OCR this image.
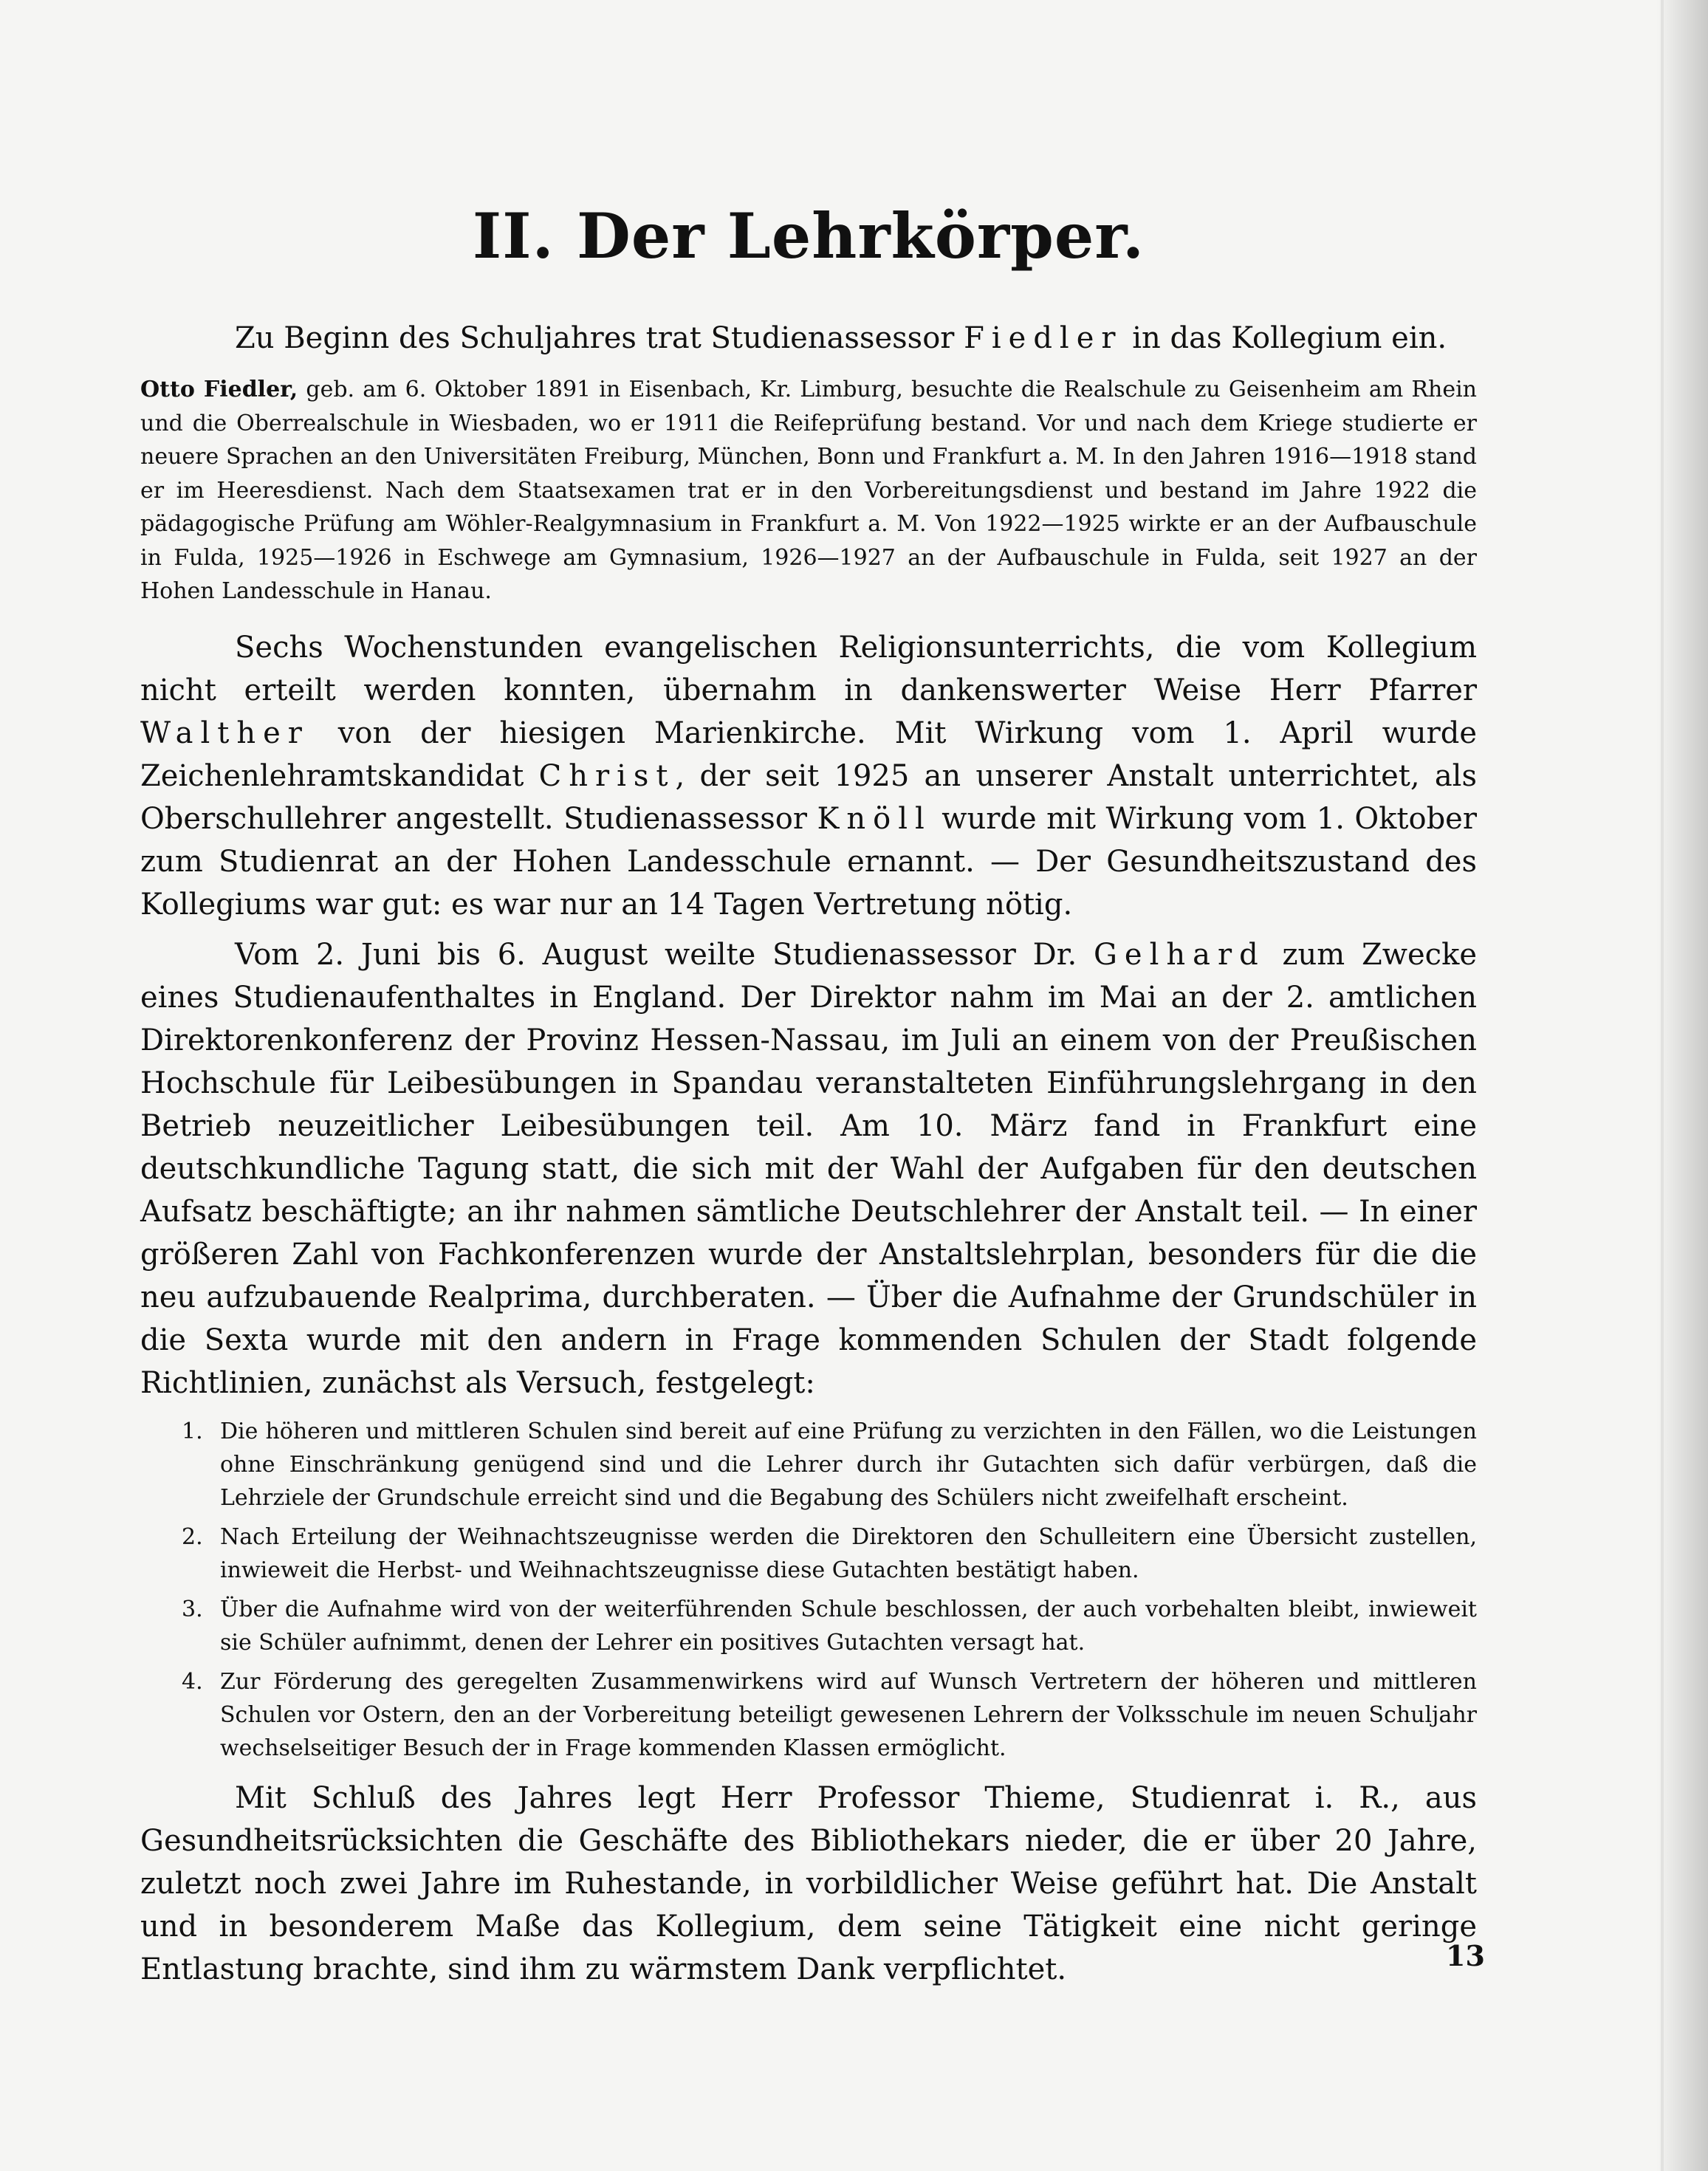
II. Der Lehrkörper.

Zu Beginn des Schuljahres trat Studienassessor Fiedler in das Kollegium ein.

Otto Fiedler, geb. am 6. Oktober 1891 in Eisenbach, Kr. Limburg, besuchte die Realschule zu Geisenheim am Rhein und die Oberrealschule in Wiesbaden, wo er 1911 die Reifeprüfung bestand. Vor und nach dem Kriege studierte er neuere Sprachen an den Universitäten Freiburg, München, Bonn und Frankfurt a. M. In den Jahren 1916—1918 stand er im Heeresdienst. Nach dem Staatsexamen trat er in den Vorbereitungsdienst und bestand im Jahre 1922 die pädagogische Prüfung am Wöhler-Realgymnasium in Frankfurt a. M. Von 1922—1925 wirkte er an der Aufbauschule in Fulda, 1925—1926 in Eschwege am Gymnasium, 1926—1927 an der Aufbauschule in Fulda, seit 1927 an der Hohen Landesschule in Hanau.

Sechs Wochenstunden evangelischen Religionsunterrichts, die vom Kollegium nicht erteilt werden konnten, übernahm in dankenswerter Weise Herr Pfarrer Walther von der hiesigen Marienkirche. Mit Wirkung vom 1. April wurde Zeichenlehramtskandidat Christ, der seit 1925 an unserer Anstalt unterrichtet, als Oberschullehrer angestellt. Studienassessor Knöll wurde mit Wirkung vom 1. Oktober zum Studienrat an der Hohen Landesschule ernannt. — Der Gesundheitszustand des Kollegiums war gut: es war nur an 14 Tagen Vertretung nötig.

Vom 2. Juni bis 6. August weilte Studienassessor Dr. Gelhard zum Zwecke eines Studienaufenthaltes in England. Der Direktor nahm im Mai an der 2. amtlichen Direktorenkonferenz der Provinz Hessen-Nassau, im Juli an einem von der Preußischen Hochschule für Leibesübungen in Spandau veranstalteten Einführungslehrgang in den Betrieb neuzeitlicher Leibesübungen teil. Am 10. März fand in Frankfurt eine deutschkundliche Tagung statt, die sich mit der Wahl der Aufgaben für den deutschen Aufsatz beschäftigte; an ihr nahmen sämtliche Deutschlehrer der Anstalt teil. — In einer größeren Zahl von Fachkonferenzen wurde der Anstaltslehrplan, besonders für die die neu aufzubauende Realprima, durchberaten. — Über die Aufnahme der Grundschüler in die Sexta wurde mit den andern in Frage kommenden Schulen der Stadt folgende Richtlinien, zunächst als Versuch, festgelegt:

1. Die höheren und mittleren Schulen sind bereit auf eine Prüfung zu verzichten in den Fällen, wo die Leistungen ohne Einschränkung genügend sind und die Lehrer durch ihr Gutachten sich dafür verbürgen, daß die Lehrziele der Grundschule erreicht sind und die Begabung des Schülers nicht zweifelhaft erscheint.
2. Nach Erteilung der Weihnachtszeugnisse werden die Direktoren den Schulleitern eine Übersicht zustellen, inwieweit die Herbst- und Weihnachtszeugnisse diese Gutachten bestätigt haben.
3. Über die Aufnahme wird von der weiterführenden Schule beschlossen, der auch vorbehalten bleibt, inwieweit sie Schüler aufnimmt, denen der Lehrer ein positives Gutachten versagt hat.
4. Zur Förderung des geregelten Zusammenwirkens wird auf Wunsch Vertretern der höheren und mittleren Schulen vor Ostern, den an der Vorbereitung beteiligt gewesenen Lehrern der Volksschule im neuen Schuljahr wechselseitiger Besuch der in Frage kommenden Klassen ermöglicht.

Mit Schluß des Jahres legt Herr Professor Thieme, Studienrat i. R., aus Gesundheitsrücksichten die Geschäfte des Bibliothekars nieder, die er über 20 Jahre, zuletzt noch zwei Jahre im Ruhestande, in vorbildlicher Weise geführt hat. Die Anstalt und in besonderem Maße das Kollegium, dem seine Tätigkeit eine nicht geringe Entlastung brachte, sind ihm zu wärmstem Dank verpflichtet.	13
